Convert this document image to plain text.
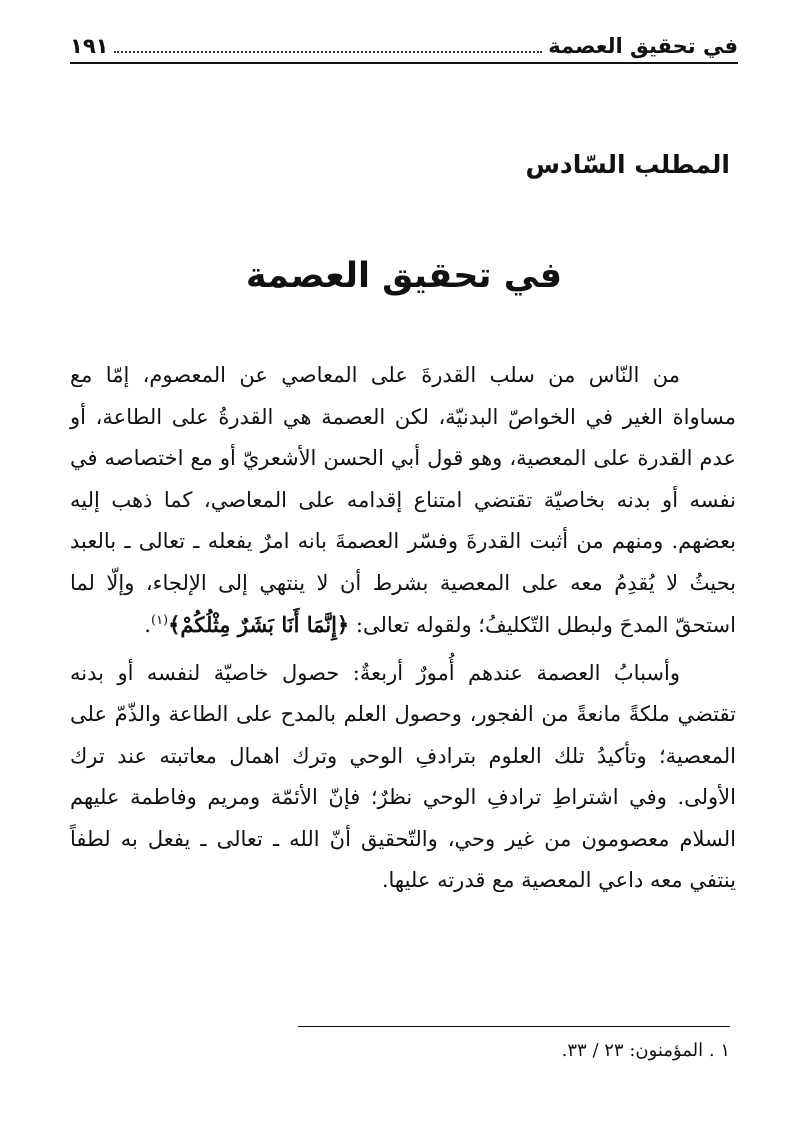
في تحقيق العصمة
١٩١
المطلب السّادس
في تحقيق العصمة

من النّاس من سلب القدرةَ على المعاصي عن المعصوم، إمّا مع مساواة الغير في الخواصّ البدنيّة، لكن العصمة هي القدرةُ على الطاعة، أو عدم القدرة على المعصية، وهو قول أبي الحسن الأشعريّ أو مع اختصاصه في نفسه أو بدنه بخاصيّة تقتضي امتناع إقدامه على المعاصي، كما ذهب إليه بعضهم. ومنهم من أثبت القدرةَ وفسّر العصمةَ بانه امرٌ يفعله ـ تعالى ـ بالعبد بحيثُ لا يُقدِمُ معه على المعصية بشرط أن لا ينتهي إلى الإلجاء، وإلّا لما استحقّ المدحَ ولبطل التّكليفُ؛ ولقوله تعالى: ﴿إِنَّمَا أَنَا بَشَرٌ مِثْلُكُمْ﴾$^{(١)}$.

وأسبابُ العصمة عندهم أُمورٌ أربعةٌ: حصول خاصيّة لنفسه أو بدنه تقتضي ملكةً مانعةً من الفجور، وحصول العلم بالمدح على الطاعة والذّمّ على المعصية؛ وتأكيدُ تلك العلوم بترادفِ الوحي وترك اهمال معاتبته عند ترك الأولى. وفي اشتراطِ ترادفِ الوحي نظرٌ؛ فإنّ الأئمّة ومريم وفاطمة عليهم السلام معصومون من غير وحي، والتّحقيق أنّ الله ـ تعالى ـ يفعل به لطفاً ينتفي معه داعي المعصية مع قدرته عليها.

١ . المؤمنون: ٢٣ / ٣٣.
